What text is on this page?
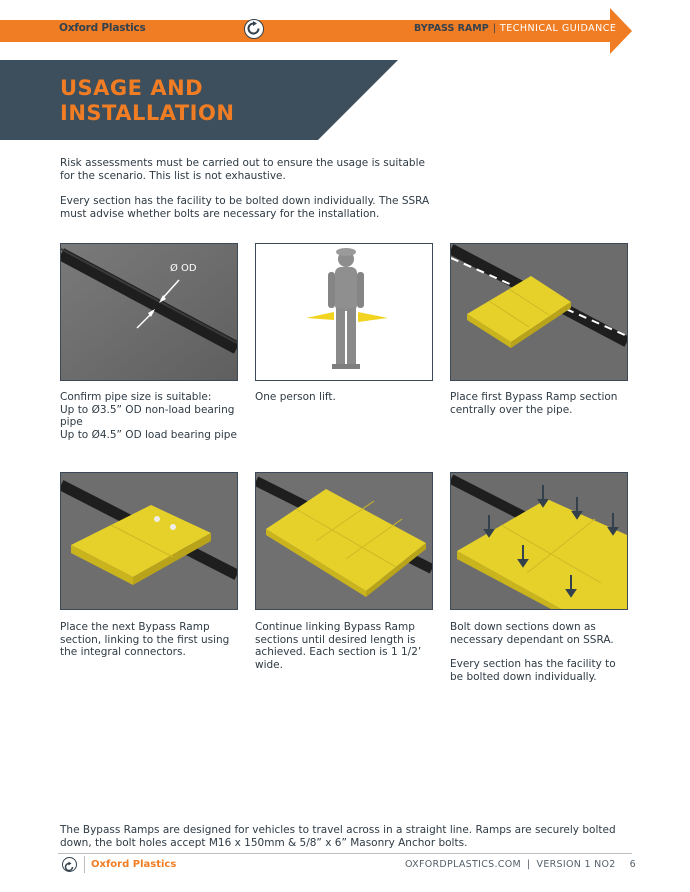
Oxford Plastics	BYPASS RAMP | TECHNICAL GUIDANCE
USAGE AND INSTALLATION
Risk assessments must be carried out to ensure the usage is suitable for the scenario. This list is not exhaustive.
Every section has the facility to be bolted down individually. The SSRA must advise whether bolts are necessary for the installation.
Ø OD
Confirm pipe size is suitable:
Up to Ø3.5” OD non-load bearing pipe
Up to Ø4.5” OD load bearing pipe
One person lift.	Place first Bypass Ramp section centrally over the pipe.
Place the next Bypass Ramp section, linking to the first using the integral connectors.
Continue linking Bypass Ramp sections until desired length is achieved. Each section is 1 1/2’ wide.
Bolt down sections down as necessary dependant on SSRA.
Every section has the facility to be bolted down individually.
The Bypass Ramps are designed for vehicles to travel across in a straight line. Ramps are securely bolted down, the bolt holes accept M16 x 150mm & 5/8” x 6” Masonry Anchor bolts.
Oxford Plastics	OXFORDPLASTICS.COM | VERSION 1 NO2 6
